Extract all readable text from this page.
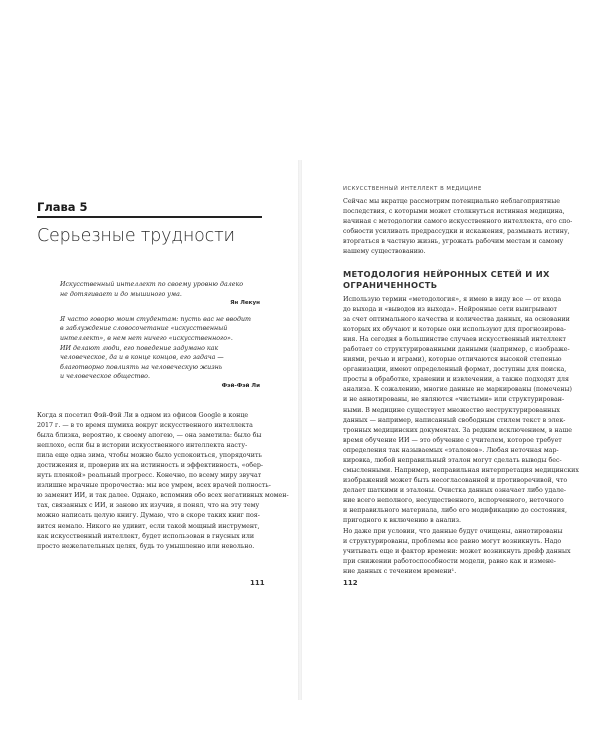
Глава 5

Серьезные трудности

Искусственный интеллект по своему уровню далеко
не дотягивает и до мышиного ума.

Ян Лекун

Я часто говорю моим студентам: пусть вас не вводит
в заблуждение словосочетание «искусственный
интеллект», в нем нет ничего «искусственного».
ИИ делают люди, его поведение задумано как
человеческое, да и в конце концов, его задача —
благотворно повлиять на человеческую жизнь
и человеческое общество.

Фэй-Фэй Ли

Когда я посетил Фэй-Фэй Ли в одном из офисов Google в конце
2017 г. — в то время шумиха вокруг искусственного интеллекта
была близка, вероятно, к своему апогею, — она заметила: было бы
неплохо, если бы в истории искусственного интеллекта насту-
пила еще одна зима, чтобы можно было успокоиться, упорядочить
достижения и, проверив их на истинность и эффективность, «обер-
нуть пленкой» реальный прогресс. Конечно, по всему миру звучат
излишне мрачные пророчества: мы все умрем, всех врачей полность-
ю заменит ИИ, и так далее. Однако, вспомнив обо всех негативных момен-
тах, связанных с ИИ, и заново их изучив, я понял, что на эту тему
можно написать целую книгу. Думаю, что в скоре таких книг поя-
вится немало. Никого не удивит, если такой мощный инструмент,
как искусственный интеллект, будет использован в гнусных или
просто нежелательных целях, будь то умышленно или невольно.

111

ИСКУССТВЕННЫЙ ИНТЕЛЛЕКТ В МЕДИЦИНЕ

Сейчас мы вкратце рассмотрим потенциально неблагоприятные
последствия, с которыми может столкнуться истинная медицина,
начиная с методологии самого искусственного интеллекта, его спо-
собности усиливать предрассудки и искажения, размывать истину,
вторгаться в частную жизнь, угрожать рабочим местам и самому
нашему существованию.

МЕТОДОЛОГИЯ НЕЙРОННЫХ СЕТЕЙ И ИХ
ОГРАНИЧЕННОСТЬ

Использую термин «методология», я имею в виду все — от входа
до выхода и «выводов из выхода». Нейронные сети выигрывают
за счет оптимального качества и количества данных, на основании
которых их обучают и которые они используют для прогнозирова-
ния. На сегодня в большинстве случаев искусственный интеллект
работает со структурированными данными (например, с изображе-
ниями, речью и играми), которые отличаются высокой степенью
организации, имеют определенный формат, доступны для поиска,
просты в обработке, хранении и извлечении, а также подходят для
анализа. К сожалению, многие данные не маркированы (помечены)
и не аннотированы, не являются «чистыми» или структурирован-
ными. В медицине существует множество неструктурированных
данных — например, написанный свободным стилем текст в элек-
тронных медицинских документах. За редким исключением, в наше
время обучение ИИ — это обучение с учителем, которое требует
определения так называемых «эталонов». Любая неточная мар-
кировка, любой неправильный эталон могут сделать выводы бес-
смысленными. Например, неправильная интерпретация медицинских
изображений может быть несогласованной и противоречивой, что
делает шаткими и эталоны. Очистка данных означает либо удале-
ние всего неполного, несущественного, испорченного, неточного
и неправильного материала, либо его модификацию до состояния,
пригодного к включению в анализ.

Но даже при условии, что данные будут очищены, аннотированы
и структурированы, проблемы все равно могут возникнуть. Надо
учитывать еще и фактор времени: может возникнуть дрейф данных
при снижении работоспособности модели, равно как и измене-
ние данных с течением времени¹.

112
